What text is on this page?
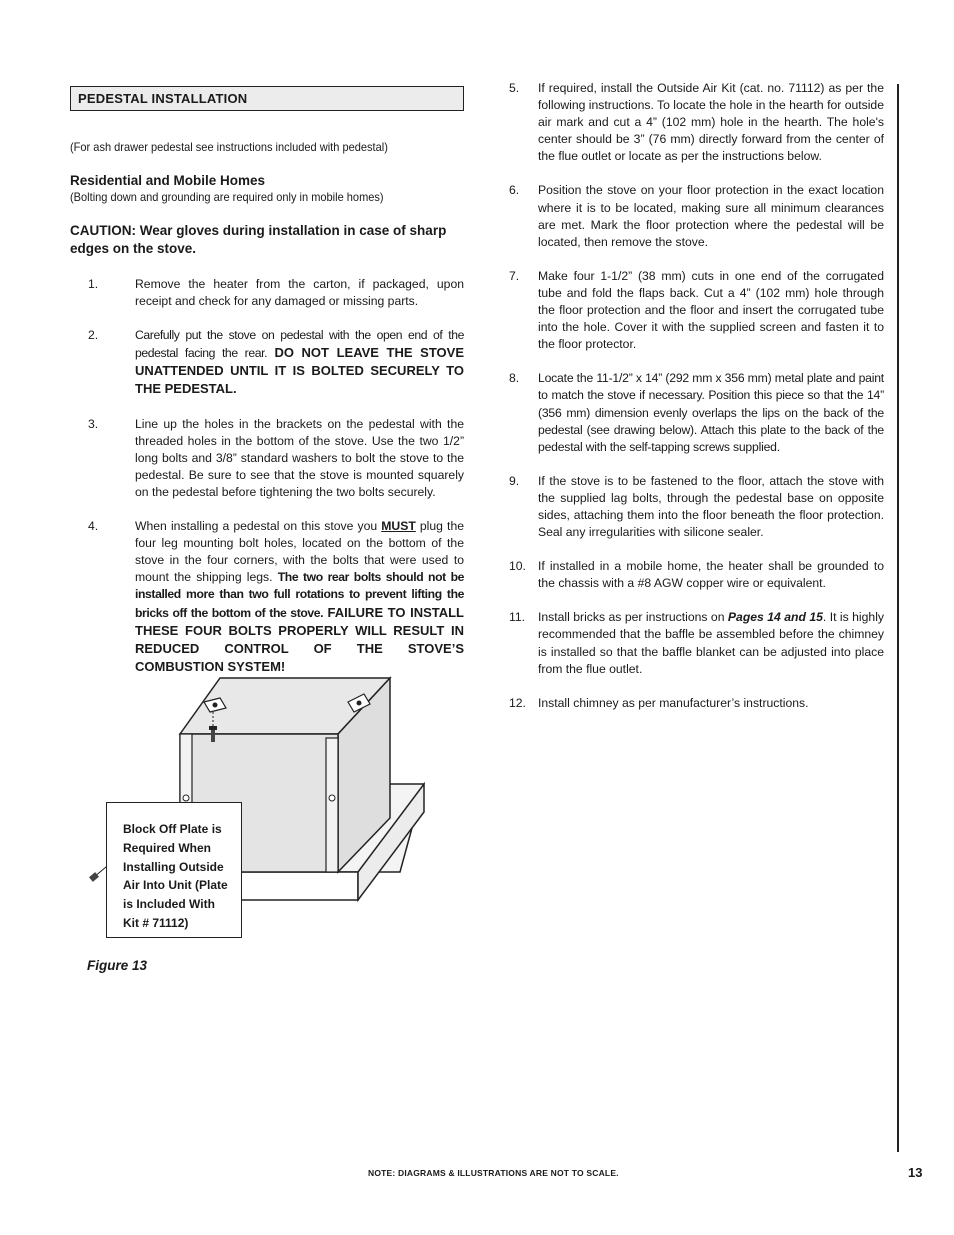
PEDESTAL INSTALLATION
(For ash drawer pedestal see instructions included with pedestal)
Residential and Mobile Homes
(Bolting down and grounding are required only in mobile homes)
CAUTION: Wear gloves during installation in case of sharp edges on the stove.
1.	Remove the heater from the carton, if packaged, upon receipt and check for any damaged or missing parts.
2.	Carefully put the stove on pedestal with the open end of the pedestal facing the rear. DO NOT LEAVE THE STOVE UNATTENDED UNTIL IT IS BOLTED SECURELY TO THE PEDESTAL.
3.	Line up the holes in the brackets on the pedestal with the threaded holes in the bottom of the stove. Use the two 1/2” long bolts and 3/8” standard washers to bolt the stove to the pedestal. Be sure to see that the stove is mounted squarely on the pedestal before tightening the two bolts securely.
4.	When installing a pedestal on this stove you MUST plug the four leg mounting bolt holes, located on the bottom of the stove in the four corners, with the bolts that were used to mount the shipping legs. The two rear bolts should not be installed more than two full rotations to prevent lifting the bricks off the bottom of the stove. FAILURE TO INSTALL THESE FOUR BOLTS PROPERLY WILL RESULT IN REDUCED CONTROL OF THE STOVE’S COMBUSTION SYSTEM!
Block Off Plate is Required When Installing Outside Air Into Unit (Plate is Included With Kit # 71112)
Figure 13
5.	If required, install the Outside Air Kit (cat. no. 71112) as per the following instructions. To locate the hole in the hearth for outside air mark and cut a 4” (102 mm) hole in the hearth. The hole's center should be 3” (76 mm) directly forward from the center of the flue outlet or locate as per the instructions below.
6.	Position the stove on your floor protection in the exact location where it is to be located, making sure all minimum clearances are met. Mark the floor protection where the pedestal will be located, then remove the stove.
7.	Make four 1-1/2” (38 mm) cuts in one end of the corrugated tube and fold the flaps back. Cut a 4” (102 mm) hole through the floor protection and the floor and insert the corrugated tube into the hole. Cover it with the supplied screen and fasten it to the floor protector.
8.	Locate the 11-1/2” x 14” (292 mm x 356 mm) metal plate and paint to match the stove if necessary. Position this piece so that the 14” (356 mm) dimension evenly overlaps the lips on the back of the pedestal (see drawing below). Attach this plate to the back of the pedestal with the self-tapping screws supplied.
9.	If the stove is to be fastened to the floor, attach the stove with the supplied lag bolts, through the pedestal base on opposite sides, attaching them into the floor beneath the floor protection. Seal any irregularities with silicone sealer.
10. If installed in a mobile home, the heater shall be grounded to the chassis with a #8 AGW copper wire or equivalent.
11.	Install bricks as per instructions on Pages 14 and 15. It is highly recommended that the baffle be assembled before the chimney is installed so that the baffle blanket can be adjusted into place from the flue outlet.
12. Install chimney as per manufacturer’s instructions.
NOTE: DIAGRAMS & ILLUSTRATIONS ARE NOT TO SCALE.	13
